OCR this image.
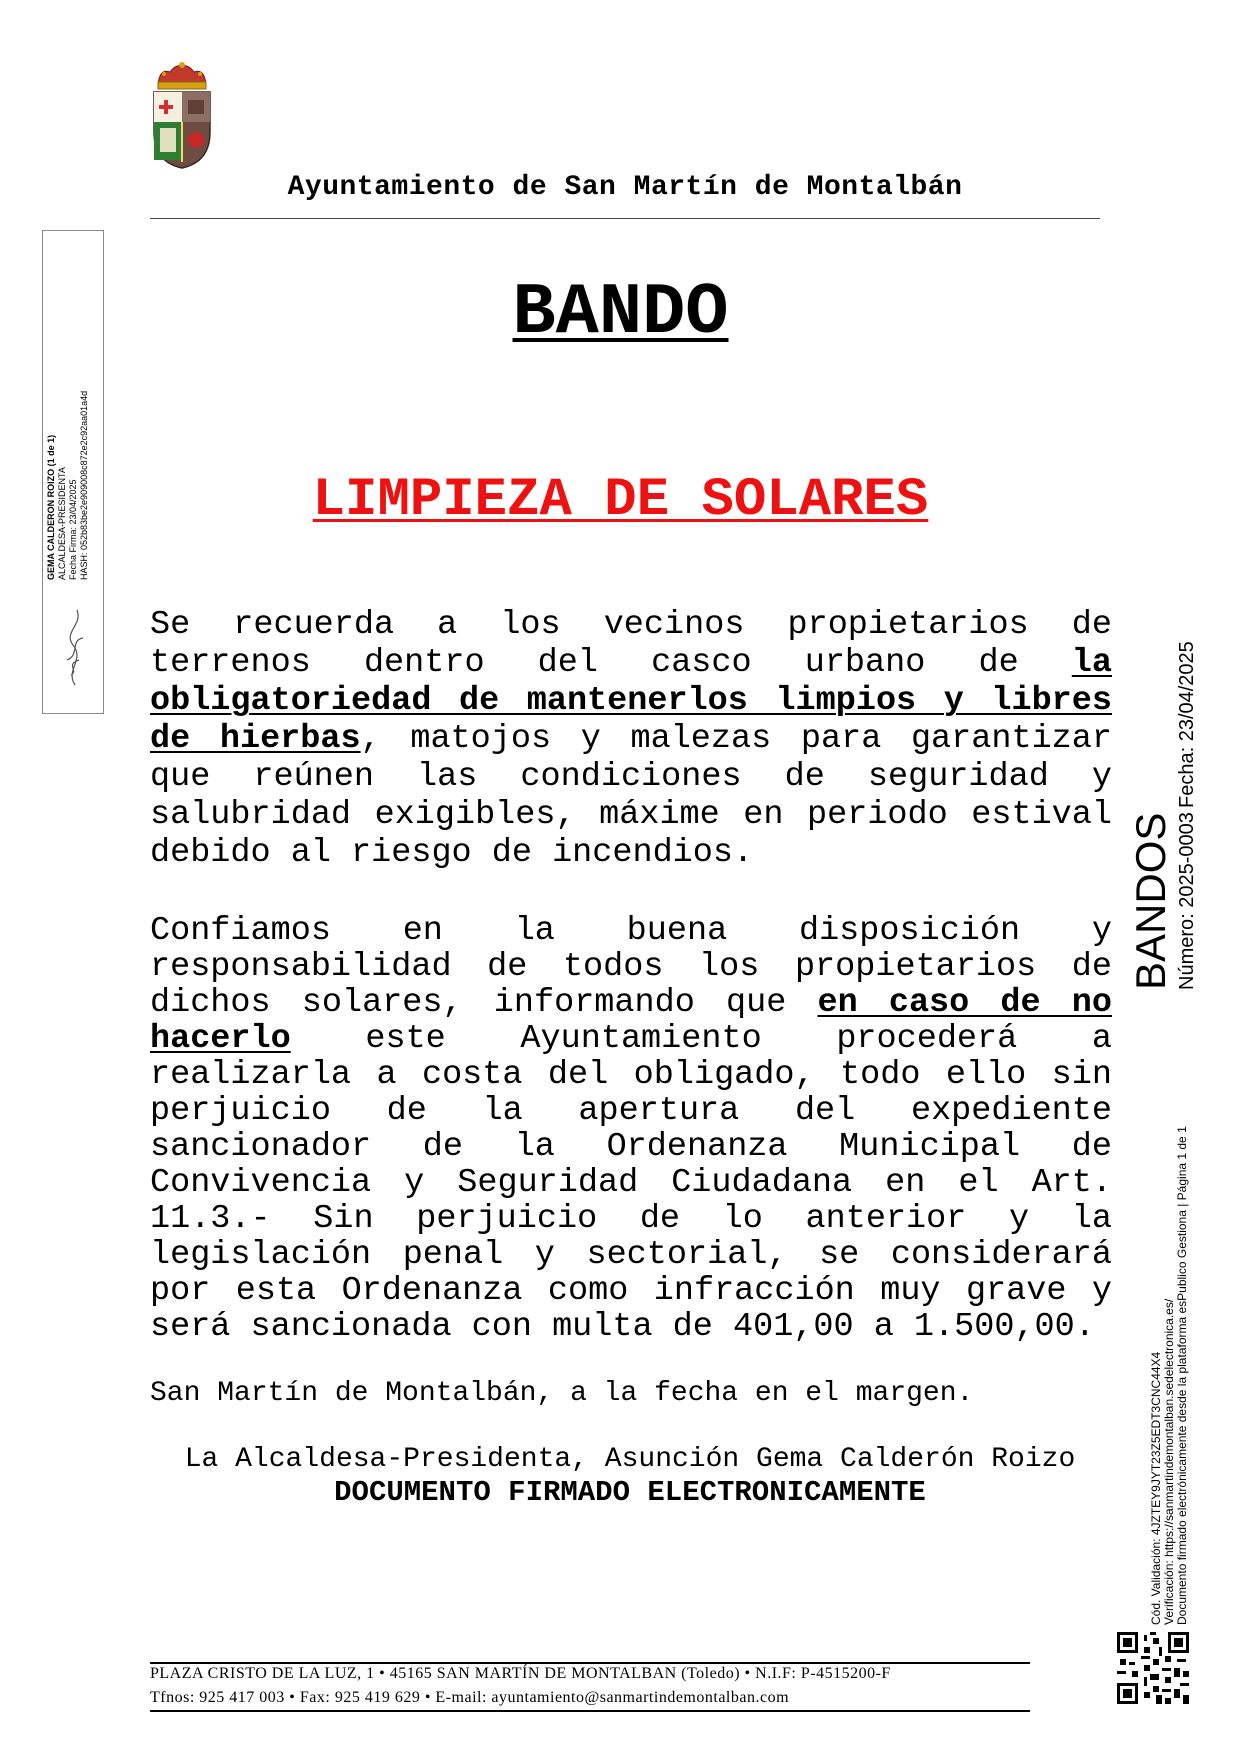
Ayuntamiento de San Martín de Montalbán
BANDO
LIMPIEZA DE SOLARES
Se recuerda a los vecinos propietarios de terrenos dentro del casco urbano de la obligatoriedad de mantenerlos limpios y libres de hierbas, matojos y malezas para garantizar que reúnen las condiciones de seguridad y salubridad exigibles, máxime en periodo estival debido al riesgo de incendios.
Confiamos en la buena disposición y responsabilidad de todos los propietarios de dichos solares, informando que en caso de no hacerlo este Ayuntamiento procederá a realizarla a costa del obligado, todo ello sin perjuicio de la apertura del expediente sancionador de la Ordenanza Municipal de Convivencia y Seguridad Ciudadana en el Art. 11.3.- Sin perjuicio de lo anterior y la legislación penal y sectorial, se considerará por esta Ordenanza como infracción muy grave y será sancionada con multa de 401,00 a 1.500,00.
San Martín de Montalbán, a la fecha en el margen.
La Alcaldesa-Presidenta, Asunción Gema Calderón Roizo
DOCUMENTO FIRMADO ELECTRONICAMENTE
PLAZA CRISTO DE LA LUZ, 1 • 45165 SAN MARTÍN DE MONTALBAN (Toledo) • N.I.F: P-4515200-F
Tfnos: 925 417 003 • Fax: 925 419 629 • E-mail: ayuntamiento@sanmartindemontalban.com
GEMA CALDERON ROIZO (1 de 1) ALCALDESA-PRESIDENTA Fecha Firma: 23/04/2025 HASH: 052b83be2e909008c872e2c92aa01a4d
BANDOS Número: 2025-0003
Fecha: 23/04/2025
Cód. Validación: 4JZTEY9JYT23Z5EDT3CNC44X4 Verificación: https://sanmartindemontalban.sedelectronica.es/ Documento firmado electrónicamente desde la plataforma esPublico Gestiona | Página 1 de 1
